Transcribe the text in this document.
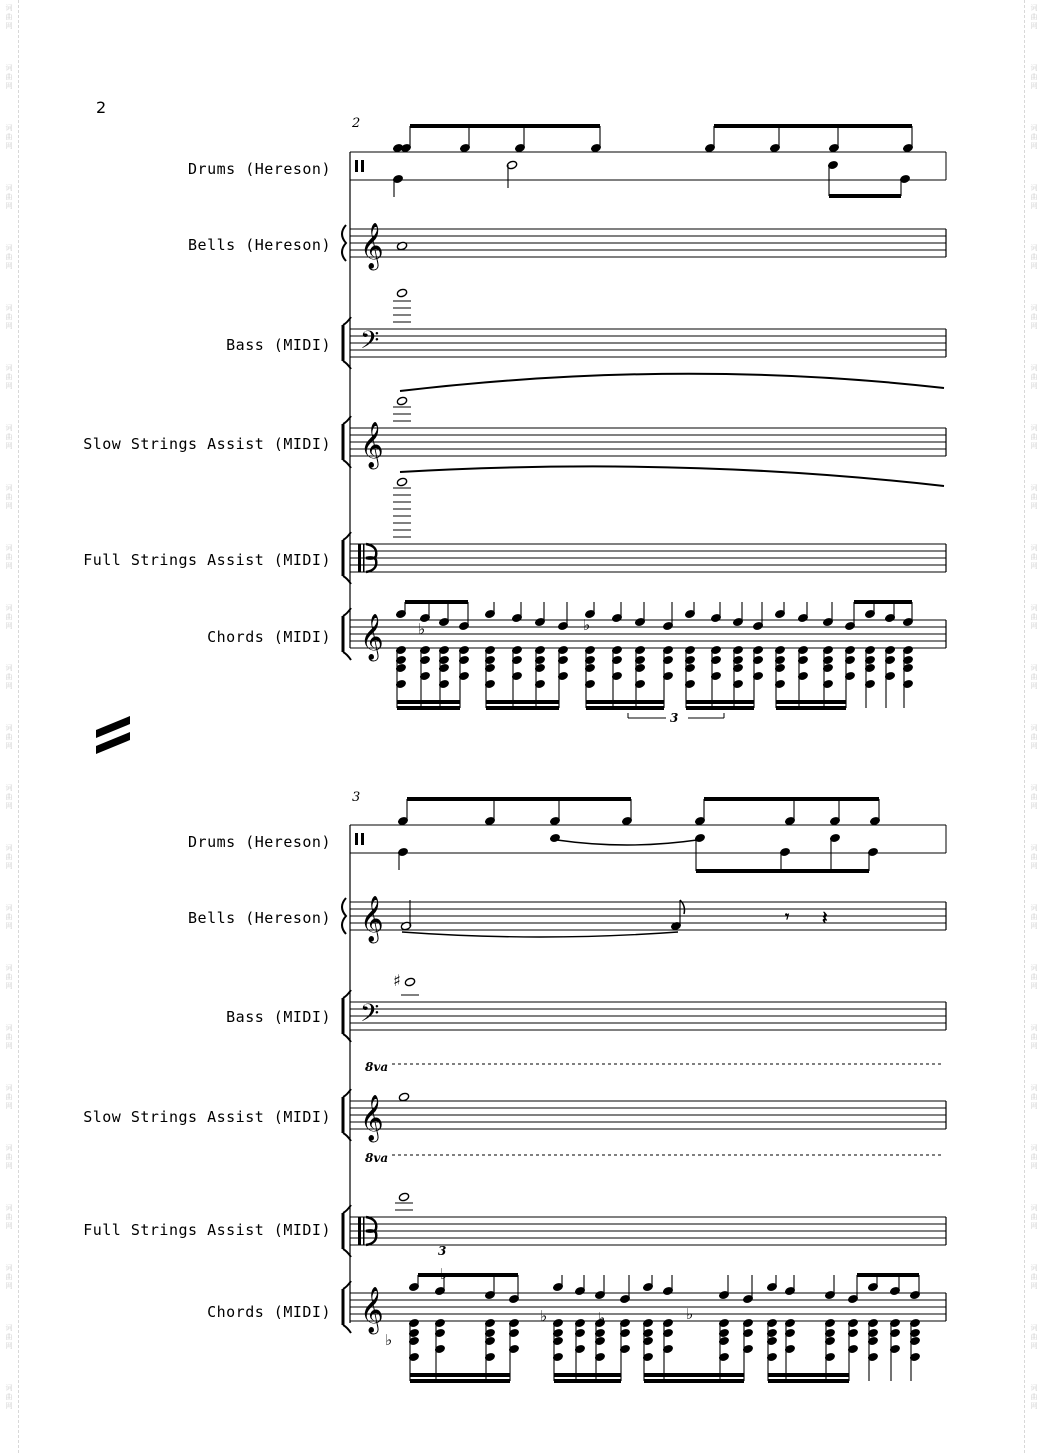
2
2
Drums (Hereson)
Bells (Hereson)
Bass (MIDI)
Slow Strings Assist (MIDI)
Full Strings Assist (MIDI)
Chords (MIDI)
3
Drums (Hereson)
Bells (Hereson)
Bass (MIDI)
Slow Strings Assist (MIDI)
Full Strings Assist (MIDI)
Chords (MIDI)
𝄞
𝄢
𝄞
𝄞	♭
♭
3
𝄞
𝄢
𝄞
𝄞
𝄾 𝄽
♯
8va
8va
3
♭
♭
♭	♭	♭
词
曲
网
词
曲
网
词
曲
网
词
曲
网
词
曲
网
词
曲
网
词
曲
网
词
曲
网
词
曲
网
词
曲
网
词
曲
网
词
曲
网
词
曲
网
词
曲
网
词
曲
网
词
曲
网
词
曲
网
词
曲
网
词
曲
网
词
曲
网
词
曲
网
词
曲
网
词
曲
网
词
曲
网
词
曲
网
词
曲
网
词
曲
网
词
曲
网
词
曲
网
词
曲
网
词
曲
网
词
曲
网
词
曲
网
词
曲
网
词
曲
网
词
曲
网
词
曲
网
词
曲
网
词
曲
网
词
曲
网
词
曲
网
词
曲
网
词
曲
网
词
曲
网
词
曲
网
词
曲
网
词
曲
网
词
曲
网
